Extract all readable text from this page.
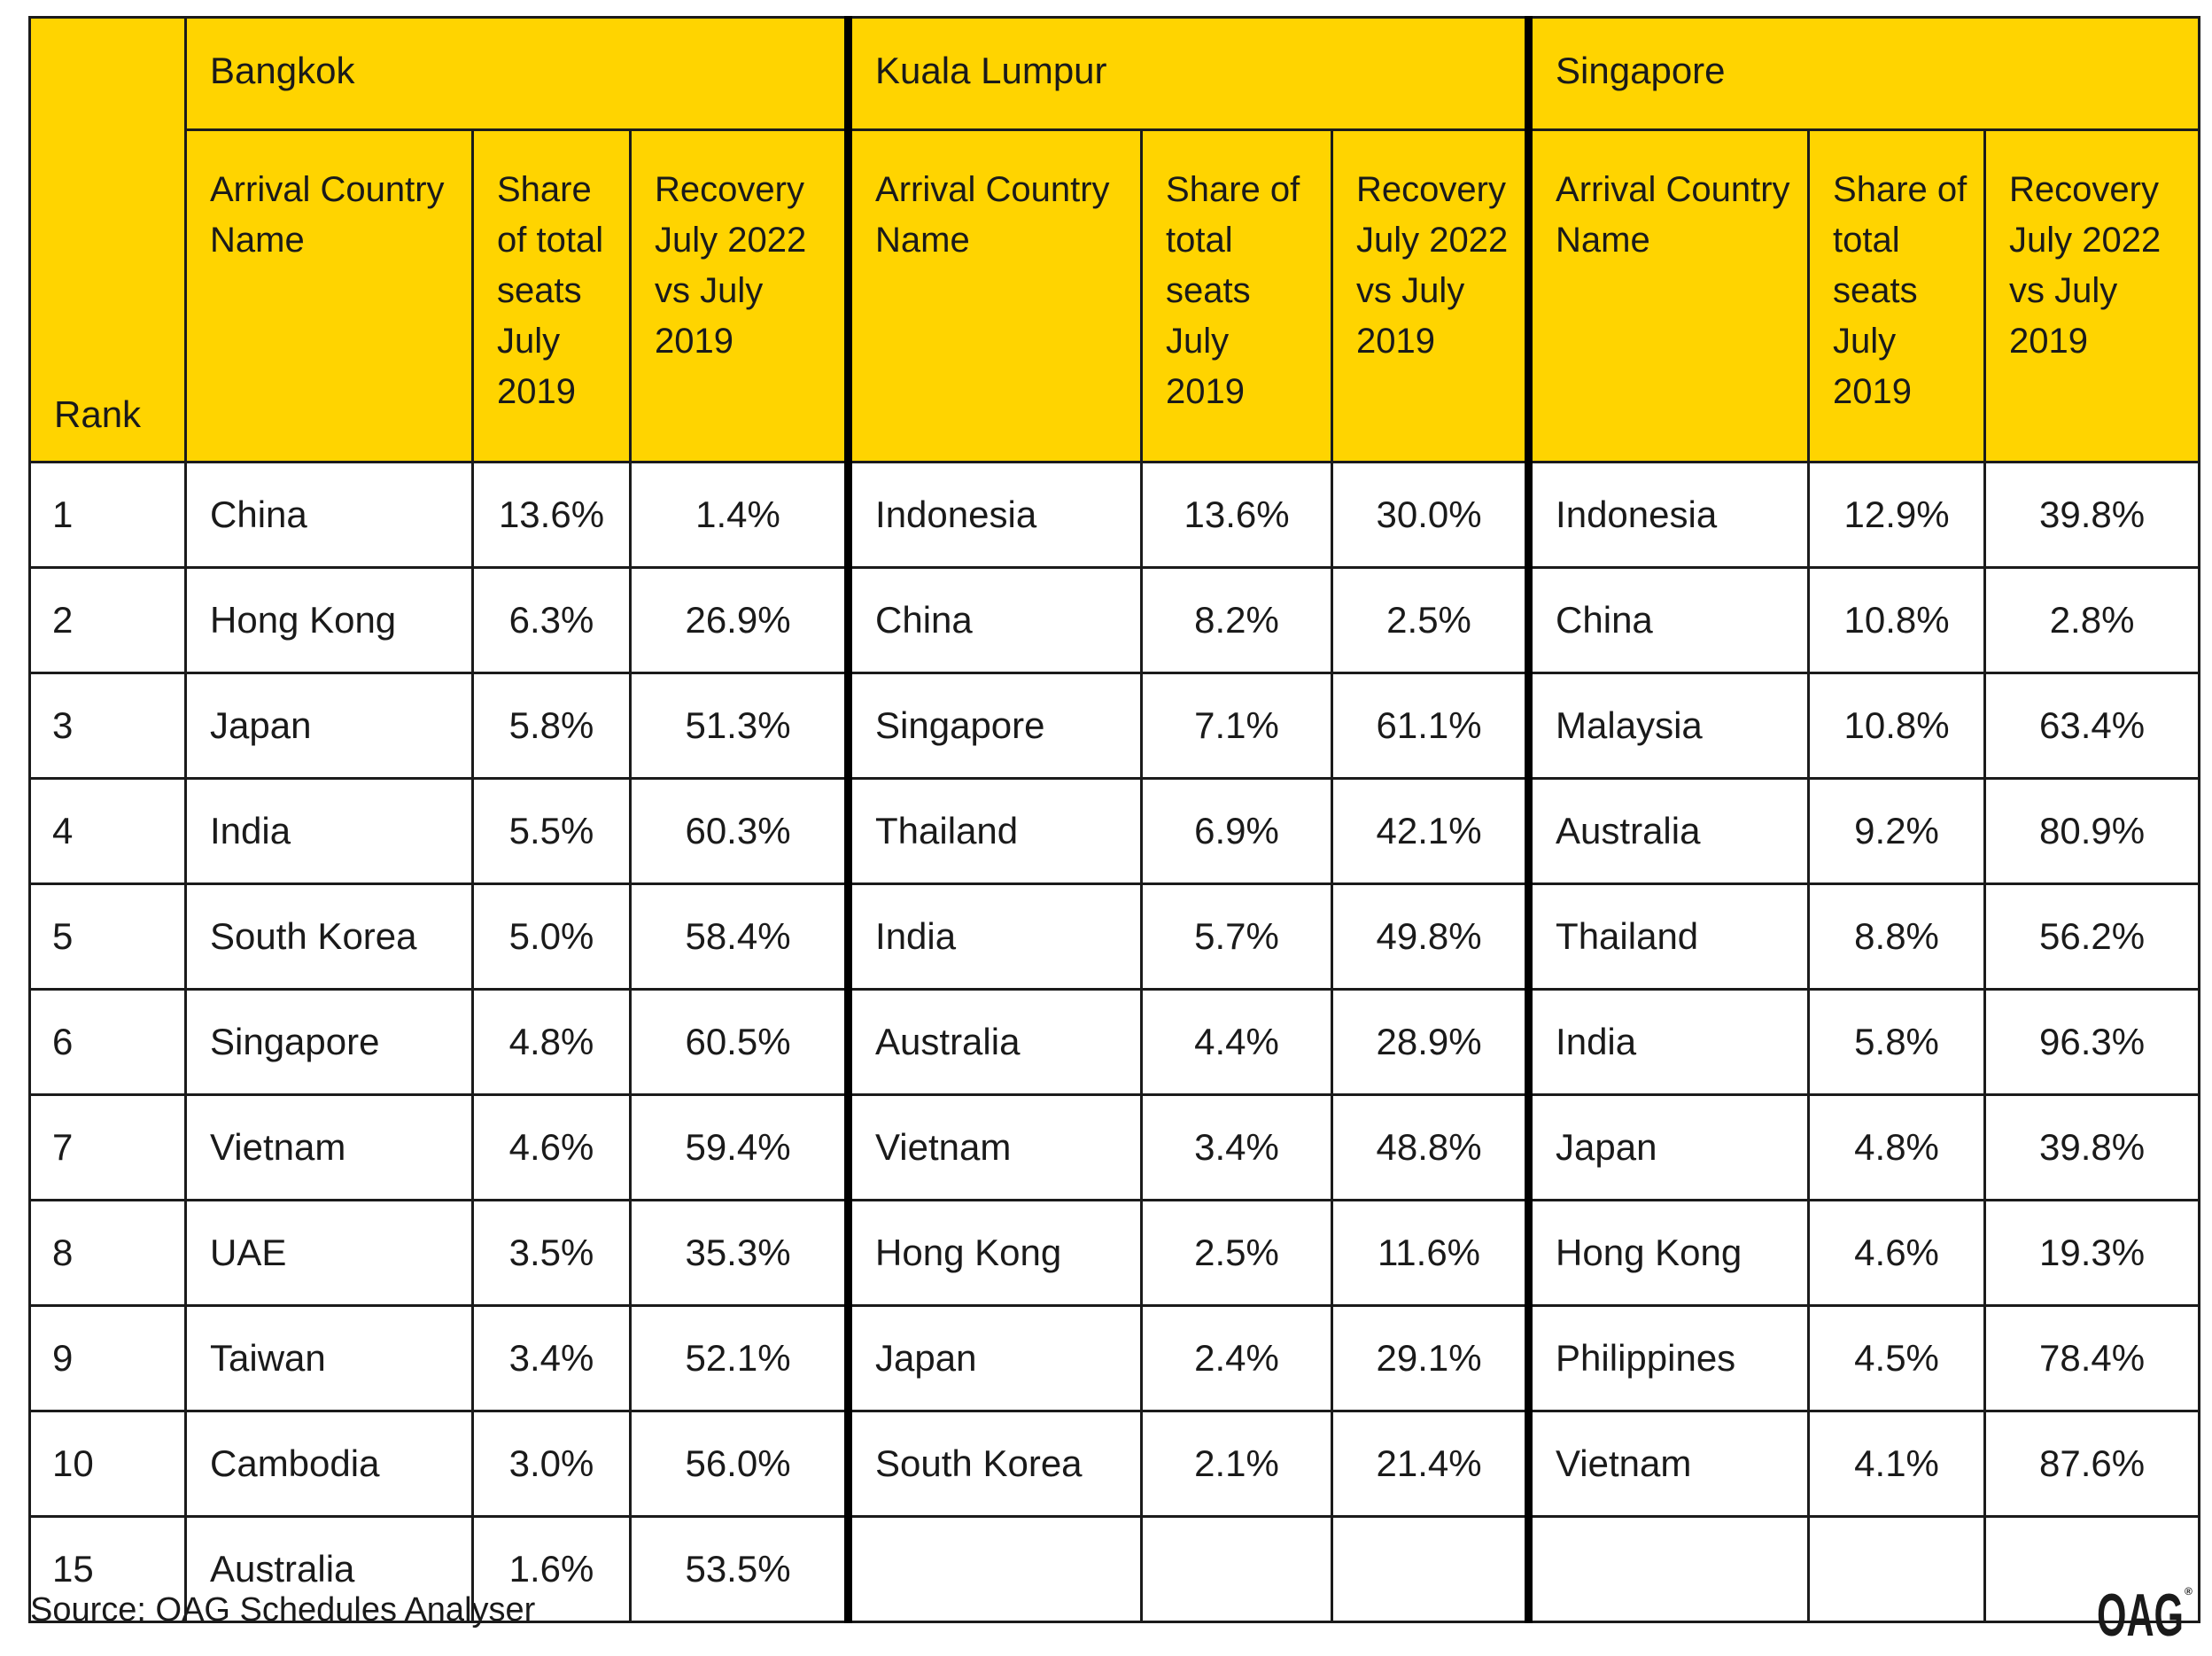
Rank	Bangkok			Kuala Lumpur			Singapore		
	Arrival Country Name	Share of total seats July 2019	Recovery July 2022 vs July 2019	Arrival Country Name	Share of total seats July 2019	Recovery July 2022 vs July 2019	Arrival Country Name	Share of total seats July 2019	Recovery July 2022 vs July 2019
1	China	13.6%	1.4%	Indonesia	13.6%	30.0%	Indonesia	12.9%	39.8%
2	Hong Kong	6.3%	26.9%	China	8.2%	2.5%	China	10.8%	2.8%
3	Japan	5.8%	51.3%	Singapore	7.1%	61.1%	Malaysia	10.8%	63.4%
4	India	5.5%	60.3%	Thailand	6.9%	42.1%	Australia	9.2%	80.9%
5	South Korea	5.0%	58.4%	India	5.7%	49.8%	Thailand	8.8%	56.2%
6	Singapore	4.8%	60.5%	Australia	4.4%	28.9%	India	5.8%	96.3%
7	Vietnam	4.6%	59.4%	Vietnam	3.4%	48.8%	Japan	4.8%	39.8%
8	UAE	3.5%	35.3%	Hong Kong	2.5%	11.6%	Hong Kong	4.6%	19.3%
9	Taiwan	3.4%	52.1%	Japan	2.4%	29.1%	Philippines	4.5%	78.4%
10	Cambodia	3.0%	56.0%	South Korea	2.1%	21.4%	Vietnam	4.1%	87.6%
15	Australia	1.6%	53.5%						
Source: OAG Schedules Analyser	OAG ®
